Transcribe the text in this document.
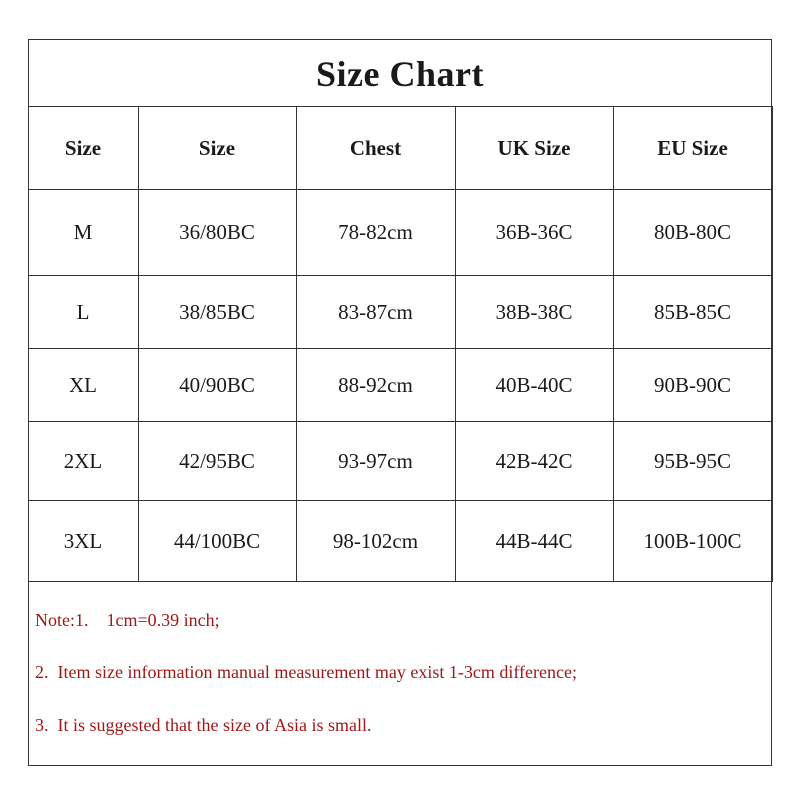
Size Chart
Size	Size	Chest	UK Size	EU Size
M	36/80BC	78-82cm	36B-36C	80B-80C
L	38/85BC	83-87cm	38B-38C	85B-85C
XL	40/90BC	88-92cm	40B-40C	90B-90C
2XL	42/95BC	93-97cm	42B-42C	95B-95C
3XL	44/100BC	98-102cm	44B-44C	100B-100C
Note:1.    1cm=0.39 inch;
2.  Item size information manual measurement may exist 1-3cm difference;
3.  It is suggested that the size of Asia is small.
